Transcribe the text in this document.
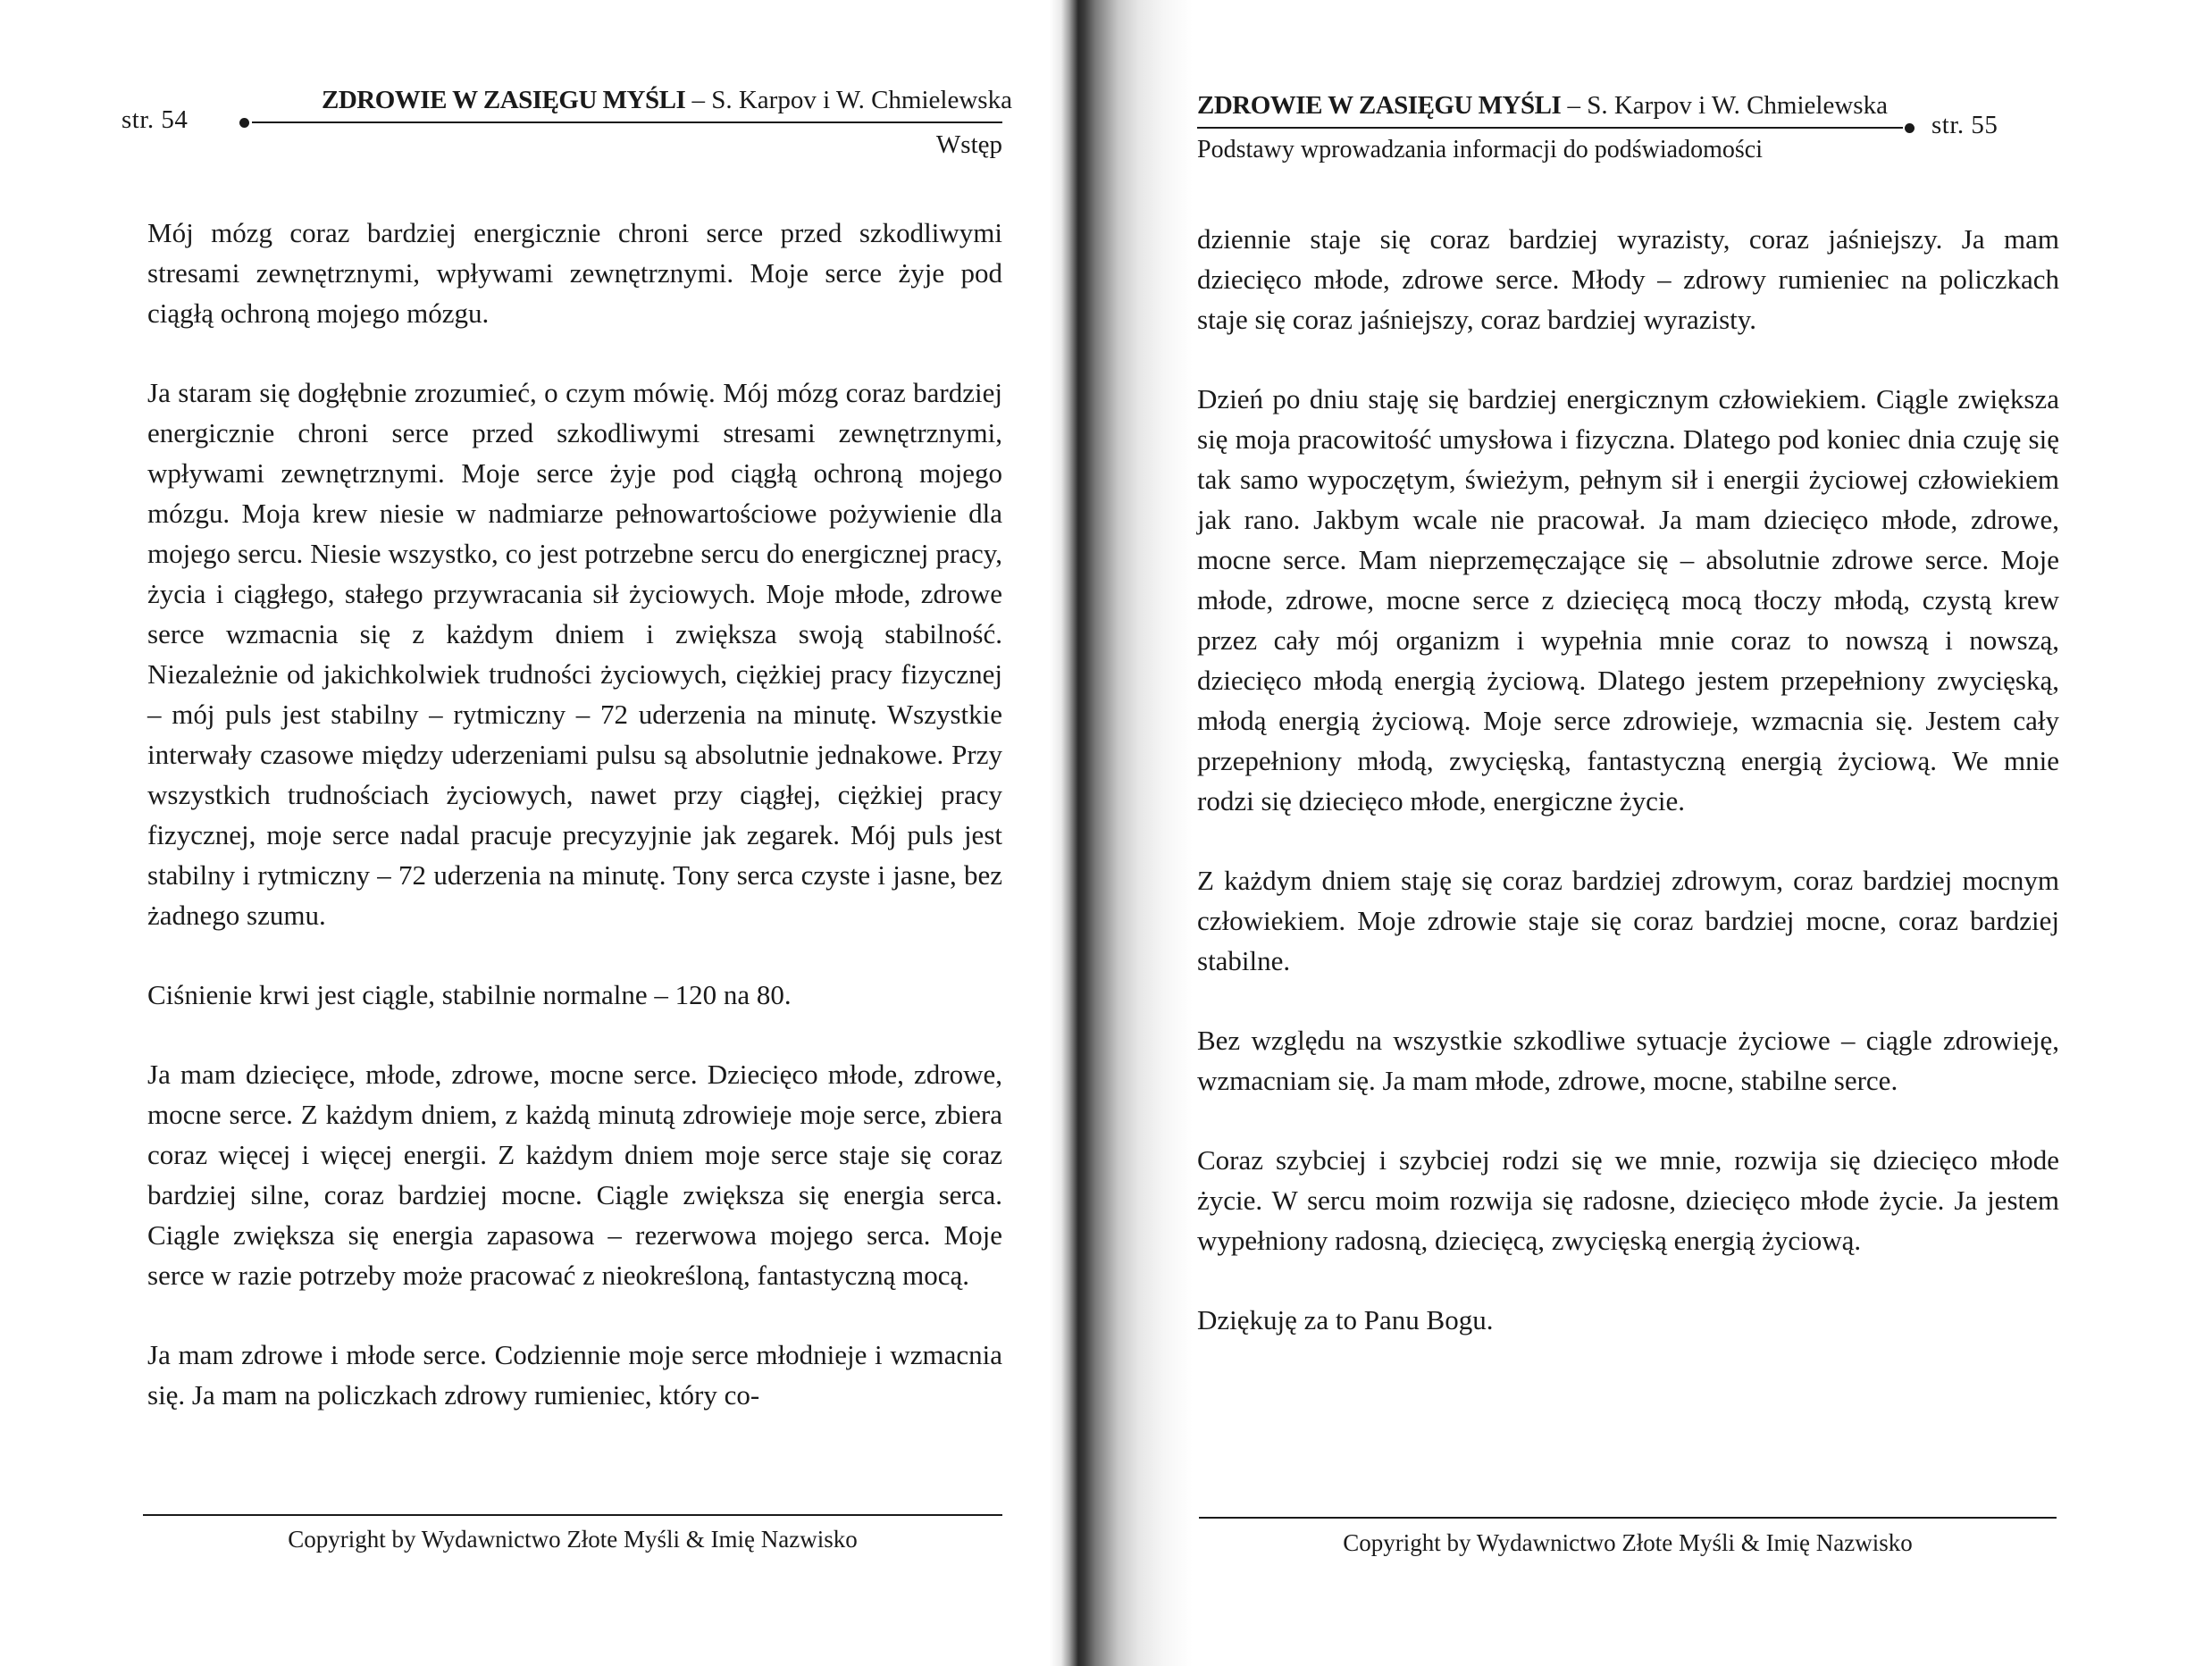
str. 54
ZDROWIE W ZASIĘGU MYŚLI – S. Karpov i W. Chmielewska
Wstęp

Mój mózg coraz bardziej energicznie chroni serce przed szkodliwymi stresami zewnętrznymi, wpływami zewnętrznymi. Moje serce żyje pod ciągłą ochroną mojego mózgu.

Ja staram się dogłębnie zrozumieć, o czym mówię. Mój mózg coraz bardziej energicznie chroni serce przed szkodliwymi stresami zewnętrznymi, wpływami zewnętrznymi. Moje serce żyje pod ciągłą ochroną mojego mózgu. Moja krew niesie w nadmiarze pełnowartościowe pożywienie dla mojego sercu. Niesie wszystko, co jest potrzebne sercu do energicznej pracy, życia i ciągłego, stałego przywracania sił życiowych. Moje młode, zdrowe serce wzmacnia się z każdym dniem i zwiększa swoją stabilność. Niezależnie od jakichkolwiek trudności życiowych, ciężkiej pracy fizycznej – mój puls jest stabilny – rytmiczny – 72 uderzenia na minutę. Wszystkie interwały czasowe między uderzeniami pulsu są absolutnie jednakowe. Przy wszystkich trudnościach życiowych, nawet przy ciągłej, ciężkiej pracy fizycznej, moje serce nadal pracuje precyzyjnie jak zegarek. Mój puls jest stabilny i rytmiczny – 72 uderzenia na minutę. Tony serca czyste i jasne, bez żadnego szumu.

Ciśnienie krwi jest ciągle, stabilnie normalne – 120 na 80.

Ja mam dziecięce, młode, zdrowe, mocne serce. Dziecięco młode, zdrowe, mocne serce. Z każdym dniem, z każdą minutą zdrowieje moje serce, zbiera coraz więcej i więcej energii. Z każdym dniem moje serce staje się coraz bardziej silne, coraz bardziej mocne. Ciągle zwiększa się energia serca. Ciągle zwiększa się energia zapasowa – rezerwowa mojego serca. Moje serce w razie potrzeby może pracować z nieokreśloną, fantastyczną mocą.

Ja mam zdrowe i młode serce. Codziennie moje serce młodnieje i wzmacnia się. Ja mam na policzkach zdrowy rumieniec, który co-

Copyright by Wydawnictwo Złote Myśli & Imię Nazwisko
ZDROWIE W ZASIĘGU MYŚLI – S. Karpov i W. Chmielewska
str. 55
Podstawy wprowadzania informacji do podświadomości

dziennie staje się coraz bardziej wyrazisty, coraz jaśniejszy. Ja mam dziecięco młode, zdrowe serce. Młody – zdrowy rumieniec na policzkach staje się coraz jaśniejszy, coraz bardziej wyrazisty.

Dzień po dniu staję się bardziej energicznym człowiekiem. Ciągle zwiększa się moja pracowitość umysłowa i fizyczna. Dlatego pod koniec dnia czuję się tak samo wypoczętym, świeżym, pełnym sił i energii życiowej człowiekiem jak rano. Jakbym wcale nie pracował. Ja mam dziecięco młode, zdrowe, mocne serce. Mam nieprzemęczające się – absolutnie zdrowe serce. Moje młode, zdrowe, mocne serce z dziecięcą mocą tłoczy młodą, czystą krew przez cały mój organizm i wypełnia mnie coraz to nowszą i nowszą, dziecięco młodą energią życiową. Dlatego jestem przepełniony zwycięską, młodą energią życiową. Moje serce zdrowieje, wzmacnia się. Jestem cały przepełniony młodą, zwycięską, fantastyczną energią życiową. We mnie rodzi się dziecięco młode, energiczne życie.

Z każdym dniem staję się coraz bardziej zdrowym, coraz bardziej mocnym człowiekiem. Moje zdrowie staje się coraz bardziej mocne, coraz bardziej stabilne.

Bez względu na wszystkie szkodliwe sytuacje życiowe – ciągle zdrowieję, wzmacniam się. Ja mam młode, zdrowe, mocne, stabilne serce.

Coraz szybciej i szybciej rodzi się we mnie, rozwija się dziecięco młode życie. W sercu moim rozwija się radosne, dziecięco młode życie. Ja jestem wypełniony radosną, dziecięcą, zwycięską energią życiową.

Dziękuję za to Panu Bogu.

Copyright by Wydawnictwo Złote Myśli & Imię Nazwisko
